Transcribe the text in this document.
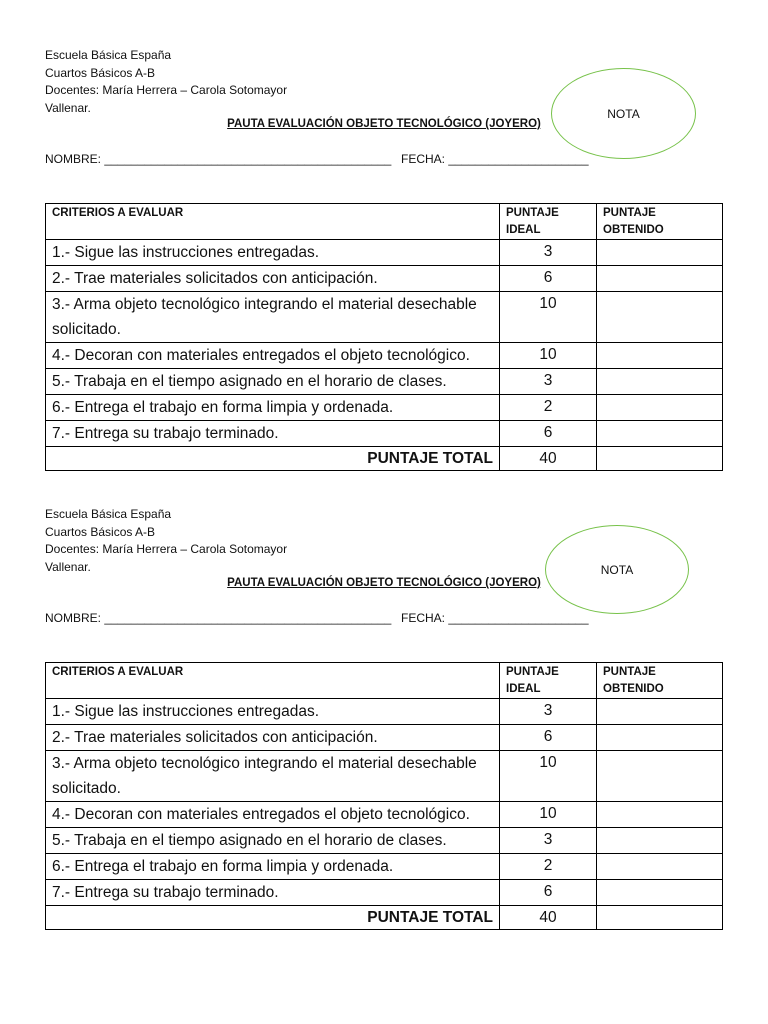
Escuela Básica España
Cuartos Básicos A-B
Docentes: María Herrera – Carola Sotomayor
Vallenar.
PAUTA EVALUACIÓN OBJETO TECNOLÓGICO (JOYERO)
NOTA
NOMBRE: ___________________________________________ FECHA: _____________________
CRITERIOS A EVALUAR	PUNTAJE IDEAL	PUNTAJE OBTENIDO
1.- Sigue las instrucciones entregadas.	3	
2.- Trae materiales solicitados con anticipación.	6	
3.- Arma objeto tecnológico integrando el material desechable solicitado.	10	
4.- Decoran con materiales entregados el objeto tecnológico.	10	
5.- Trabaja en el tiempo asignado en el horario de clases.	3	
6.- Entrega el trabajo en forma limpia y ordenada.	2	
7.- Entrega su trabajo terminado.	6	
PUNTAJE TOTAL	40	
Escuela Básica España
Cuartos Básicos A-B
Docentes: María Herrera – Carola Sotomayor
Vallenar.
PAUTA EVALUACIÓN OBJETO TECNOLÓGICO (JOYERO)
NOTA
NOMBRE: ___________________________________________ FECHA: _____________________
CRITERIOS A EVALUAR	PUNTAJE IDEAL	PUNTAJE OBTENIDO
1.- Sigue las instrucciones entregadas.	3	
2.- Trae materiales solicitados con anticipación.	6	
3.- Arma objeto tecnológico integrando el material desechable solicitado.	10	
4.- Decoran con materiales entregados el objeto tecnológico.	10	
5.- Trabaja en el tiempo asignado en el horario de clases.	3	
6.- Entrega el trabajo en forma limpia y ordenada.	2	
7.- Entrega su trabajo terminado.	6	
PUNTAJE TOTAL	40	
